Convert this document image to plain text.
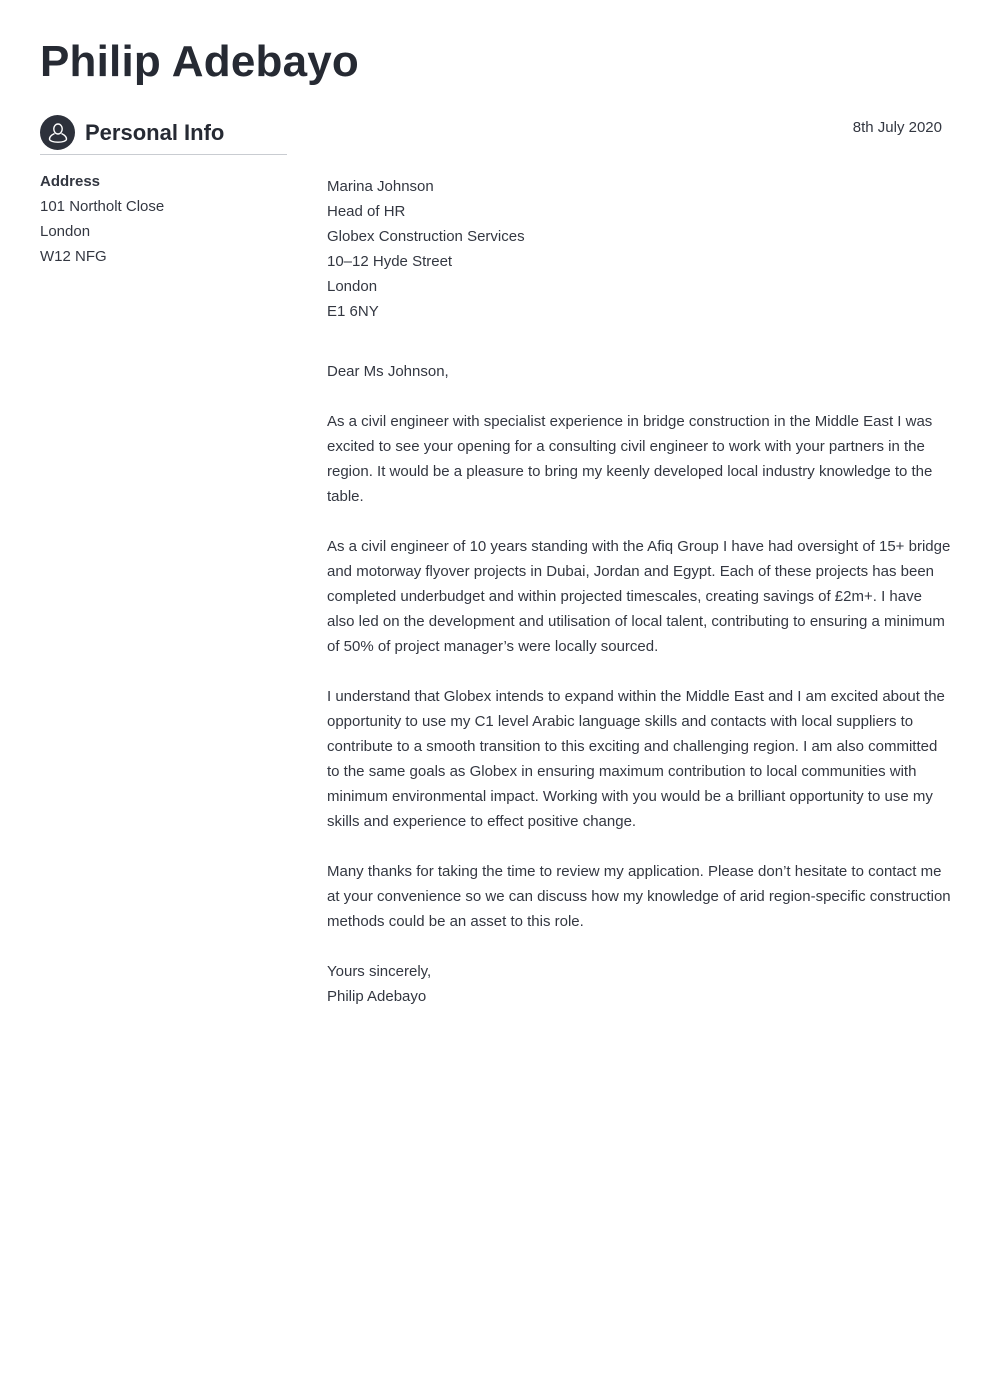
Philip Adebayo
Personal Info
Address
101 Northolt Close
London
W12 NFG
8th July 2020
Marina Johnson
Head of HR
Globex Construction Services
10–12 Hyde Street
London
E1 6NY
Dear Ms Johnson,

As a civil engineer with specialist experience in bridge construction in the Middle East I was excited to see your opening for a consulting civil engineer to work with your partners in the region. It would be a pleasure to bring my keenly developed local industry knowledge to the table.

As a civil engineer of 10 years standing with the Afiq Group I have had oversight of 15+ bridge and motorway flyover projects in Dubai, Jordan and Egypt. Each of these projects has been completed underbudget and within projected timescales, creating savings of £2m+. I have also led on the development and utilisation of local talent, contributing to ensuring a minimum of 50% of project manager’s were locally sourced.

I understand that Globex intends to expand within the Middle East and I am excited about the opportunity to use my C1 level Arabic language skills and contacts with local suppliers to contribute to a smooth transition to this exciting and challenging region. I am also committed to the same goals as Globex in ensuring maximum contribution to local communities with minimum environmental impact. Working with you would be a brilliant opportunity to use my skills and experience to effect positive change.

Many thanks for taking the time to review my application. Please don’t hesitate to contact me at your convenience so we can discuss how my knowledge of arid region-specific construction methods could be an asset to this role.

Yours sincerely,
Philip Adebayo
